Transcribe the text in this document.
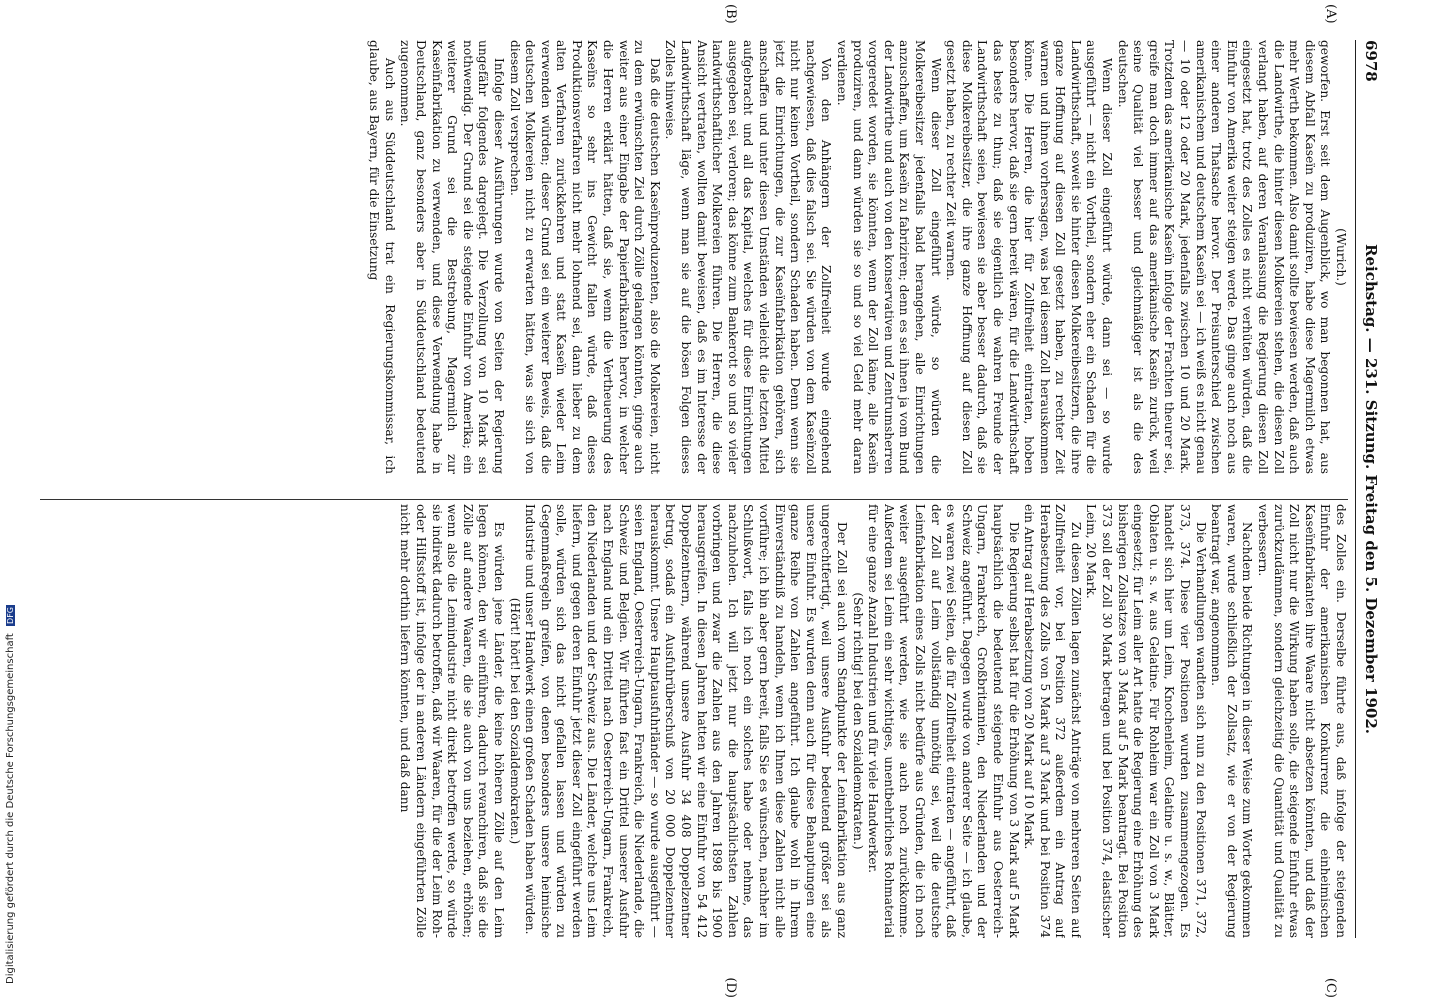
6978
Reichstag. — 231. Sitzung. Freitag den 5. Dezember 1902.
(A)
(B)
(C)
(D)

(Wurich.)

geworfen. Erst seit dem Augenblick, wo man begonnen hat, aus diesem Abfall Kaseïn zu produziren, habe diese Magermilch etwas mehr Werth bekommen. Also damit sollte bewiesen werden, daß auch die Landwirthe, die hinter diesen Molkereien stehen, die diesen Zoll verlangt haben, auf deren Veranlassung die Regierung diesen Zoll eingesetzt hat, trotz des Zolles es nicht verhüten würden, daß die Einfuhr von Amerika weiter steigen werde. Das ginge auch noch aus einer anderen Thatsache hervor. Der Preisunterschied zwischen amerikanischem und deutschem Kaseïn sei — ich weiß es nicht genau — 10 oder 12 oder 20 Mark, jedenfalls zwischen 10 und 20 Mark. Trotzdem das amerikanische Kaseïn infolge der Frachten theurer sei, greife man doch immer auf das amerikanische Kaseïn zurück, weil seine Qualität viel besser und gleichmäßiger ist als die des deutschen.

Wenn dieser Zoll eingeführt würde, dann sei — so wurde ausgeführt — nicht ein Vortheil, sondern eher ein Schaden für die Landwirthschaft, soweit sie hinter diesen Molkereibesitzern, die ihre ganze Hoffnung auf diesen Zoll gesetzt haben, zu rechter Zeit warnen und ihnen vorhersagen, was bei diesem Zoll herauskommen könne. Die Herren, die hier für Zollfreiheit eintraten, hoben besonders hervor, daß sie gern bereit wären, für die Landwirthschaft das beste zu thun; daß sie eigentlich die wahren Freunde der Landwirthschaft seien, bewiesen sie aber besser dadurch, daß sie diese Molkereibesitzer, die ihre ganze Hoffnung auf diesen Zoll gesetzt haben, zu rechter Zeit warnen.

Wenn dieser Zoll eingeführt würde, so würden die Molkereibesitzer jedenfalls bald herangehen, alle Einrichtungen anzuschaffen, um Kaseïn zu fabriziren; denn es sei ihnen ja vom Bund der Landwirthe und auch von den konservativen und Zentrumsherren vorgeredet worden, sie könnten, wenn der Zoll käme, alle Kaseïn produziren, und dann würden sie so und so viel Geld mehr daran verdienen.

Von den Anhängern der Zollfreiheit wurde eingehend nachgewiesen, daß dies falsch sei. Sie würden von dem Kaseïnzoll nicht nur keinen Vortheil, sondern Schaden haben. Denn wenn sie jetzt die Einrichtungen, die zur Kaseïnfabrikation gehören, sich anschaffen und unter diesen Umständen vielleicht die letzten Mittel aufgebracht und all das Kapital, welches für diese Einrichtungen ausgegeben sei, verloren; das könne zum Bankerott so und so vieler landwirthschaftlicher Molkereien führen. Die Herren, die diese Ansicht vertraten, wollten damit beweisen, daß es im Interesse der Landwirthschaft läge, wenn man sie auf die bösen Folgen dieses Zolles hinweise.

Daß die deutschen Kaseïnproduzenten, also die Molkereien, nicht zu dem erwünschten Ziel durch Zölle gelangen könnten, ginge auch weiter aus einer Eingabe der Papierfabrikanten hervor, in welcher die Herren erklärt hätten, daß sie, wenn die Vertheuerung des Kaseïns so sehr ins Gewicht fallen würde, daß dieses Produktionsverfahren nicht mehr lohnend sei, dann lieber zu dem alten Verfahren zurückkehren und statt Kaseïn wieder Leim verwenden würden; dieser Grund sei ein weiterer Beweis, daß die deutschen Molkereien nicht zu erwarten hätten, was sie sich von diesem Zoll versprechen.

Infolge dieser Ausführungen wurde von Seiten der Regierung ungefähr folgendes dargelegt. Die Verzollung von 10 Mark sei nothwendig. Der Grund sei die steigende Einfuhr von Amerika; ein weiterer Grund sei die Bestrebung, Magermilch zur Kaseïnfabrikation zu verwenden, und diese Verwendung habe in Deutschland, ganz besonders aber in Süddeutschland bedeutend zugenommen.

Auch aus Süddeutschland trat ein Regierungskommissar, ich glaube, aus Bayern, für die Einsetzung

des Zolles ein. Derselbe führte aus, daß infolge der steigenden Einfuhr der amerikanischen Konkurrenz die einheimischen Kaseïnfabrikanten ihre Waare nicht absetzen könnten, und daß der Zoll nicht nur die Wirkung haben solle, die steigende Einfuhr etwas zurückzudämmen, sondern gleichzeitig die Quantität und Qualität zu verbessern.

Nachdem beide Richtungen in dieser Weise zum Worte gekommen waren, wurde schließlich der Zollsatz, wie er von der Regierung beantragt war, angenommen.

Die Verhandlungen wandten sich nun zu den Positionen 371, 372, 373, 374. Diese vier Positionen wurden zusammengezogen. Es handelt sich hier um Leim, Knochenleim, Gelatine u. s. w., Blätter, Oblaten u. s. w. aus Gelatine. Für Rohleim war ein Zoll von 3 Mark eingesetzt; für Leim aller Art hatte die Regierung eine Erhöhung des bisherigen Zollsatzes von 3 Mark auf 5 Mark beantragt. Bei Position 373 soll der Zoll 30 Mark betragen und bei Position 374, elastischer Leim, 20 Mark.

Zu diesen Zöllen lagen zunächst Anträge von mehreren Seiten auf Zollfreiheit vor, bei Position 372 außerdem ein Antrag auf Herabsetzung des Zolls von 5 Mark auf 3 Mark und bei Position 374 ein Antrag auf Herabsetzung von 20 Mark auf 10 Mark.

Die Regierung selbst hat für die Erhöhung von 3 Mark auf 5 Mark hauptsächlich die bedeutend steigende Einfuhr aus Oesterreich-Ungarn, Frankreich, Großbritannien, den Niederlanden und der Schweiz angeführt. Dagegen wurde von anderer Seite — ich glaube, es waren zwei Seiten, die für Zollfreiheit eintraten — angeführt, daß der Zoll auf Leim vollständig unnöthig sei, weil die deutsche Leimfabrikation eines Zolls nicht bedürfe aus Gründen, die ich noch weiter ausgeführt werden, wie sie auch noch zurückkomme. Außerdem sei Leim ein sehr wichtiges, unentbehrliches Rohmaterial für eine ganze Anzahl Industrien und für viele Handwerker.

(Sehr richtig! bei den Sozialdemokraten.)

Der Zoll sei auch vom Standpunkte der Leimfabrikation aus ganz ungerechtfertigt, weil unsere Ausfuhr bedeutend größer sei als unsere Einfuhr. Es wurden denn auch für diese Behauptungen eine ganze Reihe von Zahlen angeführt. Ich glaube wohl in Ihrem Einverständniß zu handeln, wenn ich Ihnen diese Zahlen nicht alle vorführe; ich bin aber gern bereit, falls Sie es wünschen, nachher im Schlußwort, falls ich noch ein solches habe oder nehme, das nachzuholen. Ich will jetzt nur die hauptsächlichsten Zahlen vorbringen und zwar die Zahlen aus den Jahren 1898 bis 1900 herausgreifen. In diesen Jahren hatten wir eine Einfuhr von 54 412 Doppelzentnern, während unsere Ausfuhr 34 408 Doppelzentner betrug, sodaß ein Ausfuhrüberschuß von 20 000 Doppelzentner herauskommt. Unsere Hauptausfuhrländer — so wurde ausgeführt — seien England, Oesterreich-Ungarn, Frankreich, die Niederlande, die Schweiz und Belgien. Wir führten fast ein Drittel unserer Ausfuhr nach England und ein Drittel nach Oesterreich-Ungarn, Frankreich, den Niederlanden und der Schweiz aus. Die Länder, welche uns Leim liefern, und gegen deren Einfuhr jetzt dieser Zoll eingeführt werden solle, würden sich das nicht gefallen lassen und würden zu Gegenmaßregeln greifen, von denen besonders unsere heimische Industrie und unser Handwerk einen großen Schaden haben würden.

(Hört! hört! bei den Sozialdemokraten.)

Es würden jene Länder, die keine höheren Zölle auf den Leim legen können, den wir einführen, dadurch revanchiren, daß sie die Zölle auf andere Waaren, die sie auch von uns beziehen, erhöhen; wenn also die Leimindustrie nicht direkt betroffen werde, so würde sie indirekt dadurch betroffen, daß wir Waaren, für die der Leim Roh- oder Hilfsstoff ist, infolge der in anderen Ländern eingeführten Zölle nicht mehr dorthin liefern könnten, und daß dann

Digitalisierung gefördert durch die Deutsche Forschungsgemeinschaft DFG
